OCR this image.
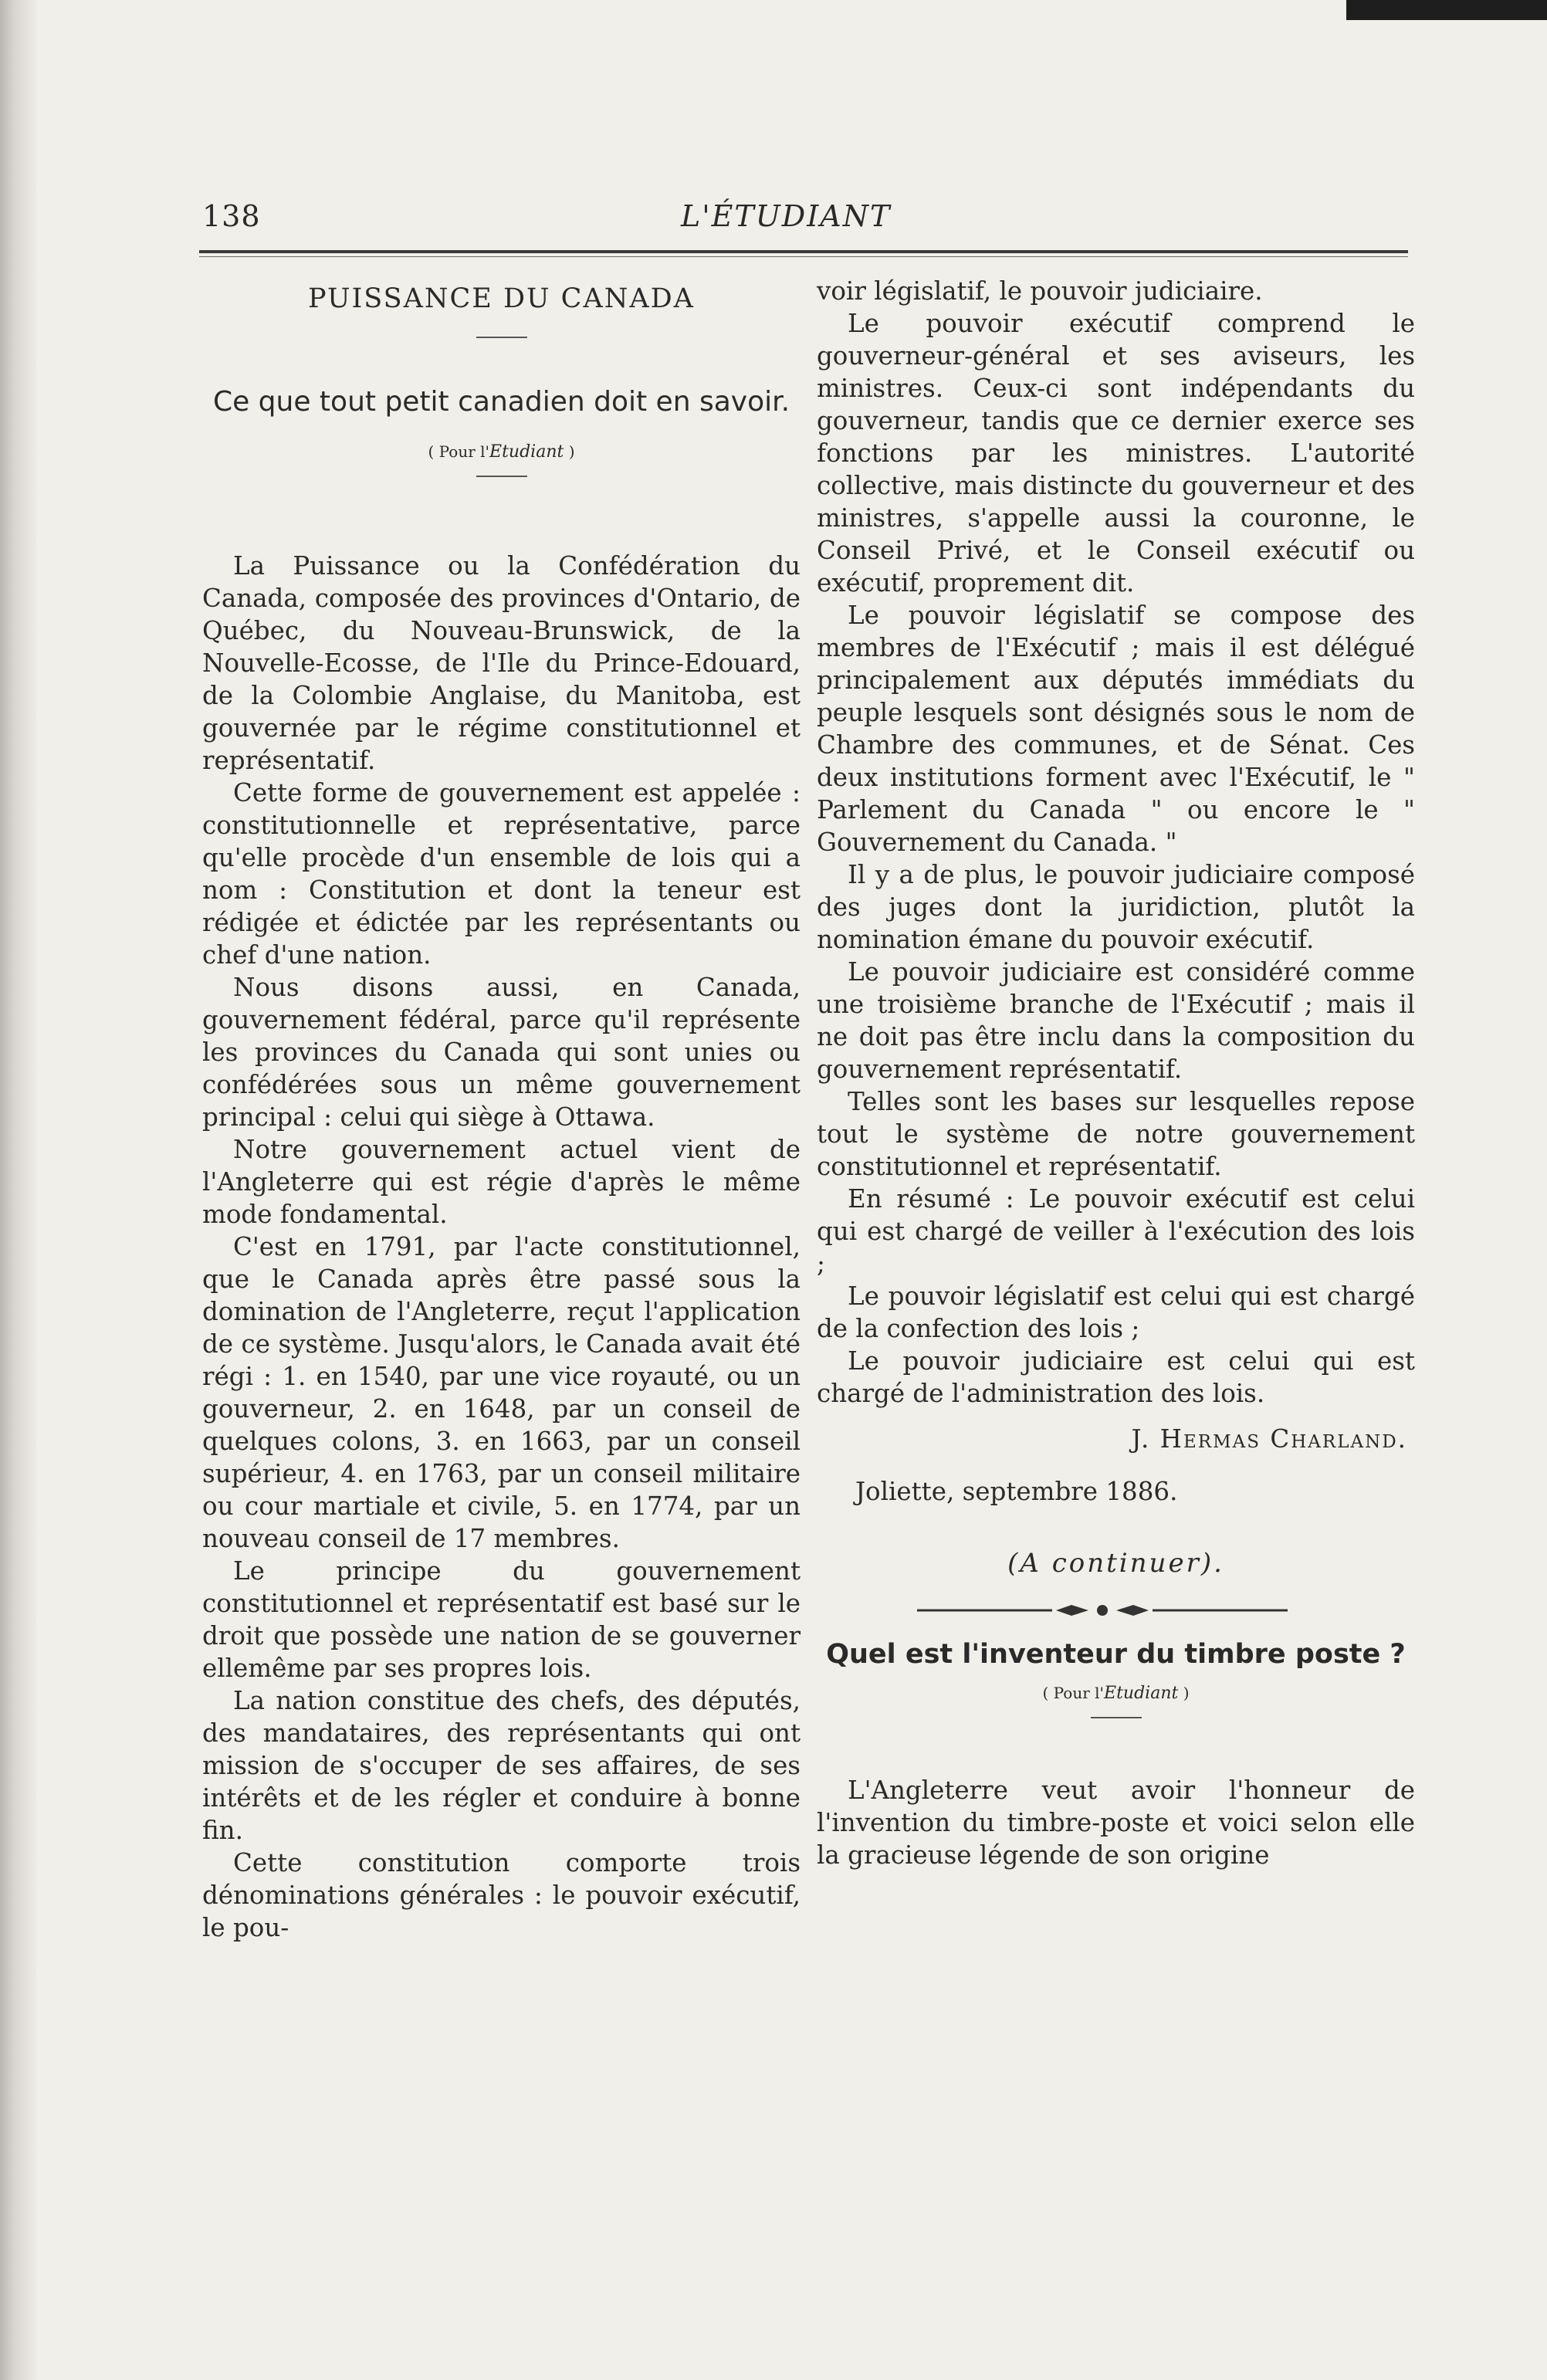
138	L'ÉTUDIANT
PUISSANCE DU CANADA

Ce que tout petit canadien doit en savoir.

( Pour l'Etudiant )

La Puissance ou la Confédération du Canada, composée des provinces d'Ontario, de Québec, du Nouveau-Brunswick, de la Nouvelle-Ecosse, de l'Ile du Prince-Edouard, de la Colombie Anglaise, du Manitoba, est gouvernée par le régime constitutionnel et représentatif.

Cette forme de gouvernement est appelée : constitutionnelle et représentative, parce qu'elle procède d'un ensemble de lois qui a nom : Constitution et dont la teneur est rédigée et édictée par les représentants ou chef d'une nation.

Nous disons aussi, en Canada, gouvernement fédéral, parce qu'il représente les provinces du Canada qui sont unies ou confédérées sous un même gouvernement principal : celui qui siège à Ottawa.

Notre gouvernement actuel vient de l'Angleterre qui est régie d'après le même mode fondamental.

C'est en 1791, par l'acte constitutionnel, que le Canada après être passé sous la domination de l'Angleterre, reçut l'application de ce système. Jusqu'alors, le Canada avait été régi : 1. en 1540, par une vice royauté, ou un gouverneur, 2. en 1648, par un conseil de quelques colons, 3. en 1663, par un conseil supérieur, 4. en 1763, par un conseil militaire ou cour martiale et civile, 5. en 1774, par un nouveau conseil de 17 membres.

Le principe du gouvernement constitutionnel et représentatif est basé sur le droit que possède une nation de se gouverner ellemême par ses propres lois.

La nation constitue des chefs, des députés, des mandataires, des représentants qui ont mission de s'occuper de ses affaires, de ses intérêts et de les régler et conduire à bonne fin.

Cette constitution comporte trois dénominations générales : le pouvoir exécutif, le pou-

voir législatif, le pouvoir judiciaire.

Le pouvoir exécutif comprend le gouverneur-général et ses aviseurs, les ministres. Ceux-ci sont indépendants du gouverneur, tandis que ce dernier exerce ses fonctions par les ministres. L'autorité collective, mais distincte du gouverneur et des ministres, s'appelle aussi la couronne, le Conseil Privé, et le Conseil exécutif ou exécutif, proprement dit.

Le pouvoir législatif se compose des membres de l'Exécutif ; mais il est délégué principalement aux députés immédiats du peuple lesquels sont désignés sous le nom de Chambre des communes, et de Sénat. Ces deux institutions forment avec l'Exécutif, le " Parlement du Canada " ou encore le " Gouvernement du Canada. "

Il y a de plus, le pouvoir judiciaire composé des juges dont la juridiction, plutôt la nomination émane du pouvoir exécutif.

Le pouvoir judiciaire est considéré comme une troisième branche de l'Exécutif ; mais il ne doit pas être inclu dans la composition du gouvernement représentatif.

Telles sont les bases sur lesquelles repose tout le système de notre gouvernement constitutionnel et représentatif.

En résumé : Le pouvoir exécutif est celui qui est chargé de veiller à l'exécution des lois ;

Le pouvoir législatif est celui qui est chargé de la confection des lois ;

Le pouvoir judiciaire est celui qui est chargé de l'administration des lois.

J. Hermas Charland.
Joliette, septembre 1886.
(A continuer).
Quel est l'inventeur du timbre poste ?

( Pour l'Etudiant )

L'Angleterre veut avoir l'honneur de l'invention du timbre-poste et voici selon elle la gracieuse légende de son origine
